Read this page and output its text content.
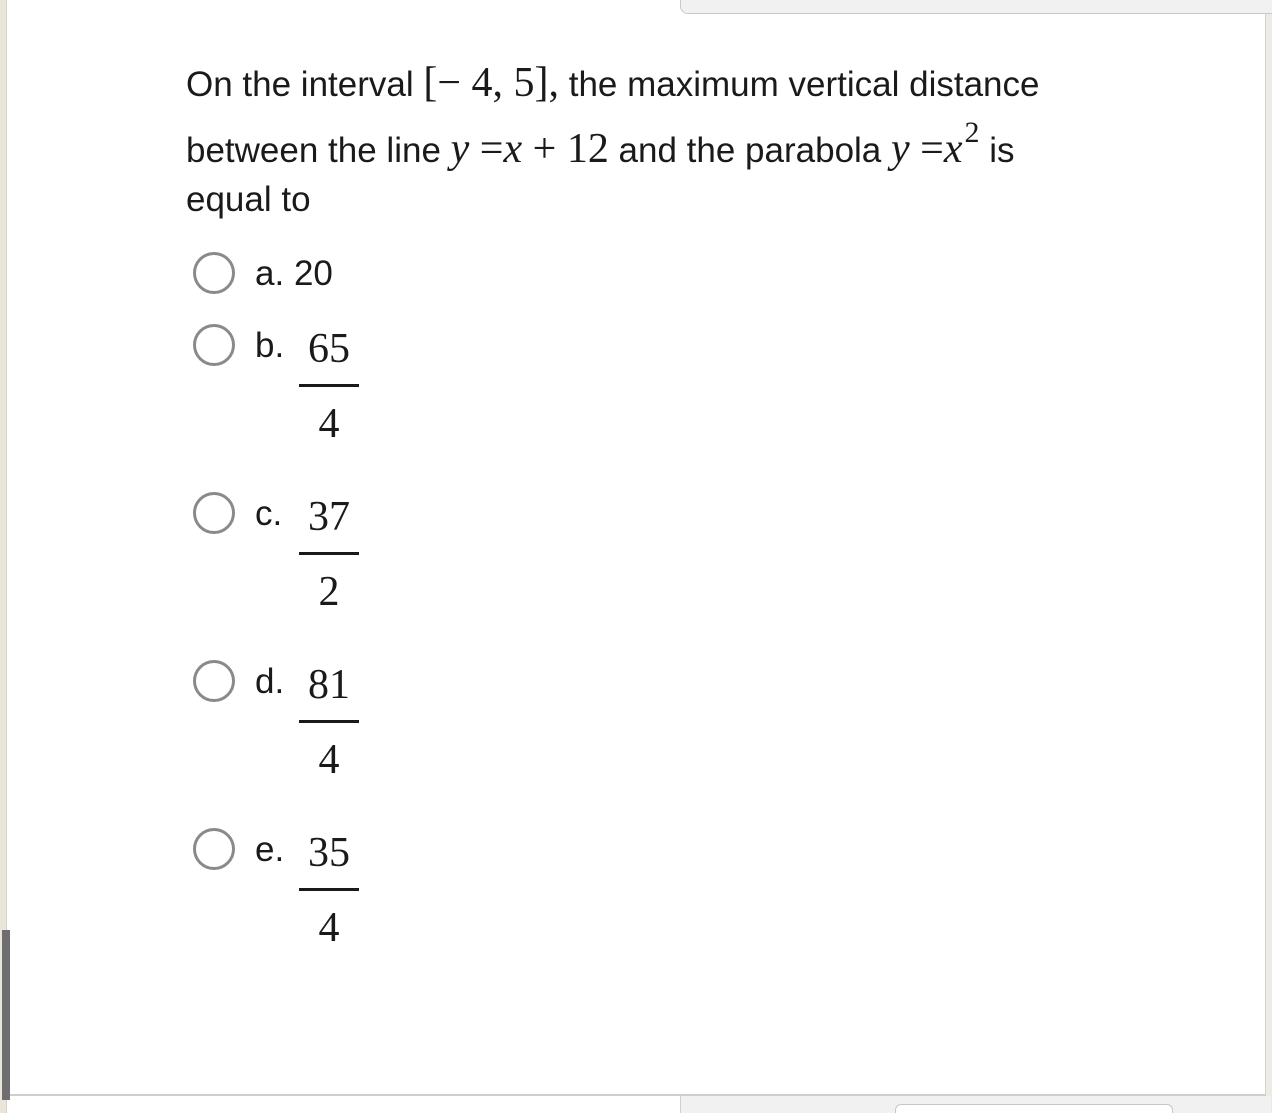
On the interval [− 4, 5], the maximum vertical distance
between the line y =x + 12 and the parabola $y =x^2$ is
equal to
a. 20
b. 65
4
c. 37
2
d. 81
4
e. 35
4
